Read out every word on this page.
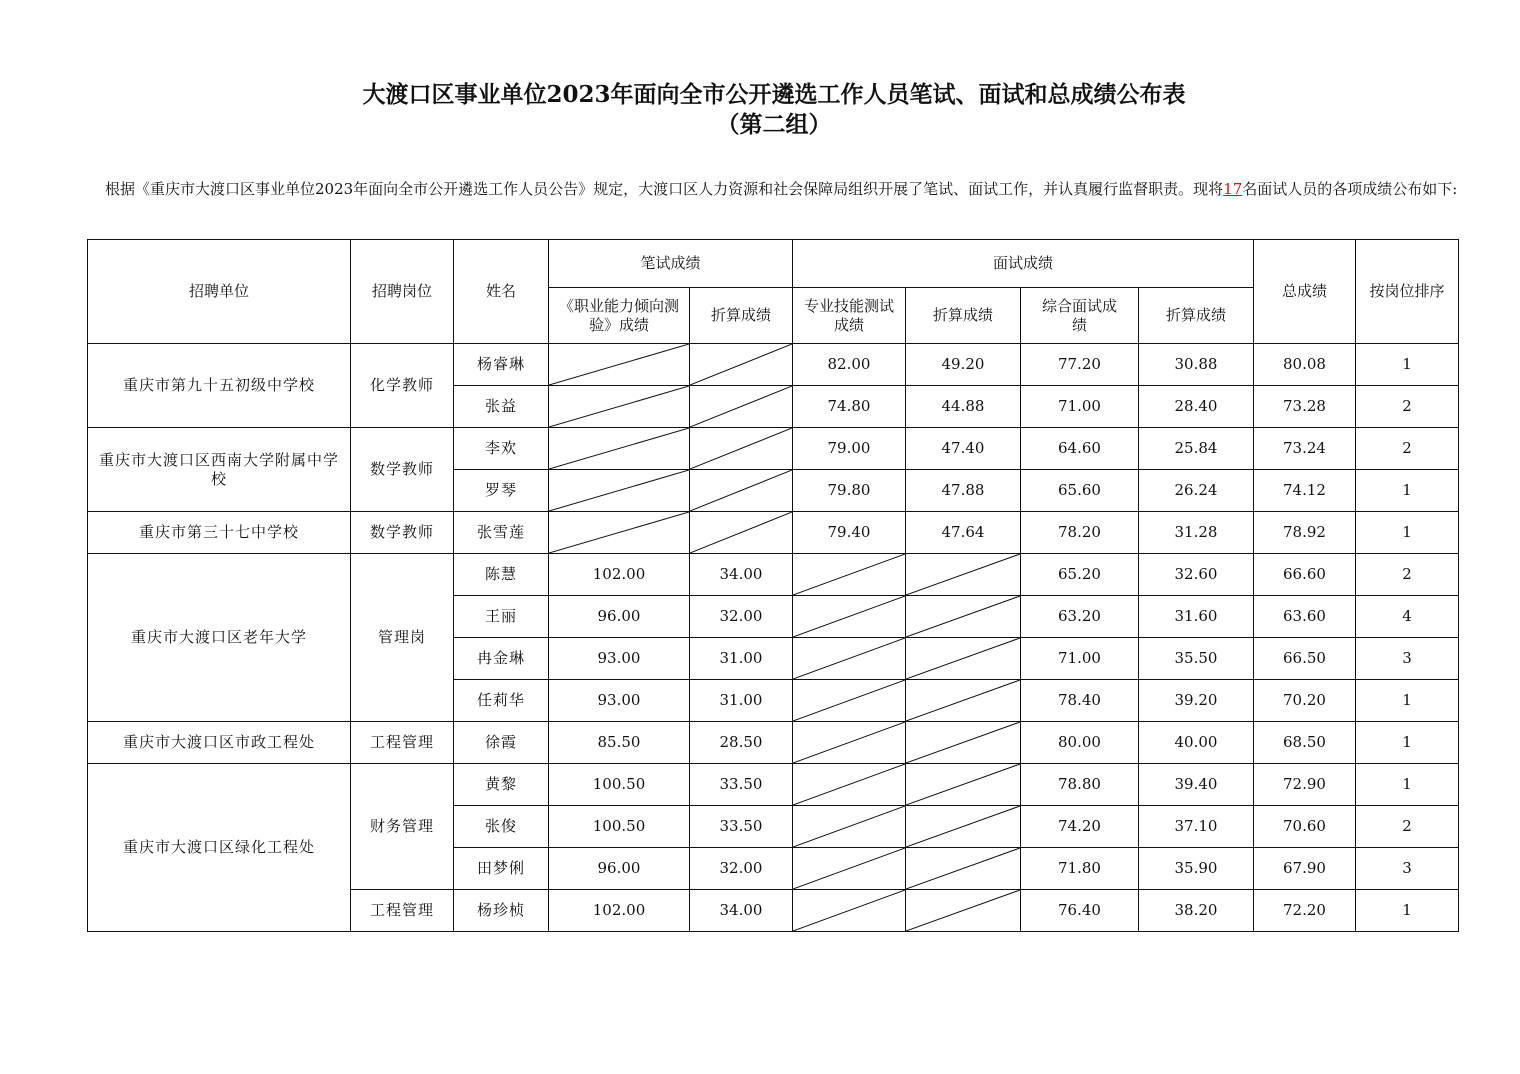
大渡口区事业单位2023年面向全市公开遴选工作人员笔试、面试和总成绩公布表
（第二组）
根据《重庆市大渡口区事业单位2023年面向全市公开遴选工作人员公告》规定，大渡口区人力资源和社会保障局组织开展了笔试、面试工作，并认真履行监督职责。现将17名面试人员的各项成绩公布如下:
招聘单位	招聘岗位	姓名	笔试成绩		面试成绩				总成绩	按岗位排序
			《职业能力倾向测验》成绩	折算成绩	专业技能测试成绩	折算成绩	综合面试成绩	折算成绩		
重庆市第九十五初级中学校	化学教师	杨睿琳			82.00	49.20	77.20	30.88	80.08	1
		张益			74.80	44.88	71.00	28.40	73.28	2
重庆市大渡口区西南大学附属中学校	数学教师	李欢			79.00	47.40	64.60	25.84	73.24	2
		罗琴			79.80	47.88	65.60	26.24	74.12	1
重庆市第三十七中学校	数学教师	张雪莲			79.40	47.64	78.20	31.28	78.92	1
重庆市大渡口区老年大学	管理岗	陈慧	102.00	34.00			65.20	32.60	66.60	2
		王丽	96.00	32.00			63.20	31.60	63.60	4
		冉金琳	93.00	31.00			71.00	35.50	66.50	3
		任莉华	93.00	31.00			78.40	39.20	70.20	1
重庆市大渡口区市政工程处	工程管理	徐霞	85.50	28.50			80.00	40.00	68.50	1
重庆市大渡口区绿化工程处	财务管理	黄黎	100.50	33.50			78.80	39.40	72.90	1
		张俊	100.50	33.50			74.20	37.10	70.60	2
		田梦俐	96.00	32.00			71.80	35.90	67.90	3
	工程管理	杨珍桢	102.00	34.00			76.40	38.20	72.20	1
